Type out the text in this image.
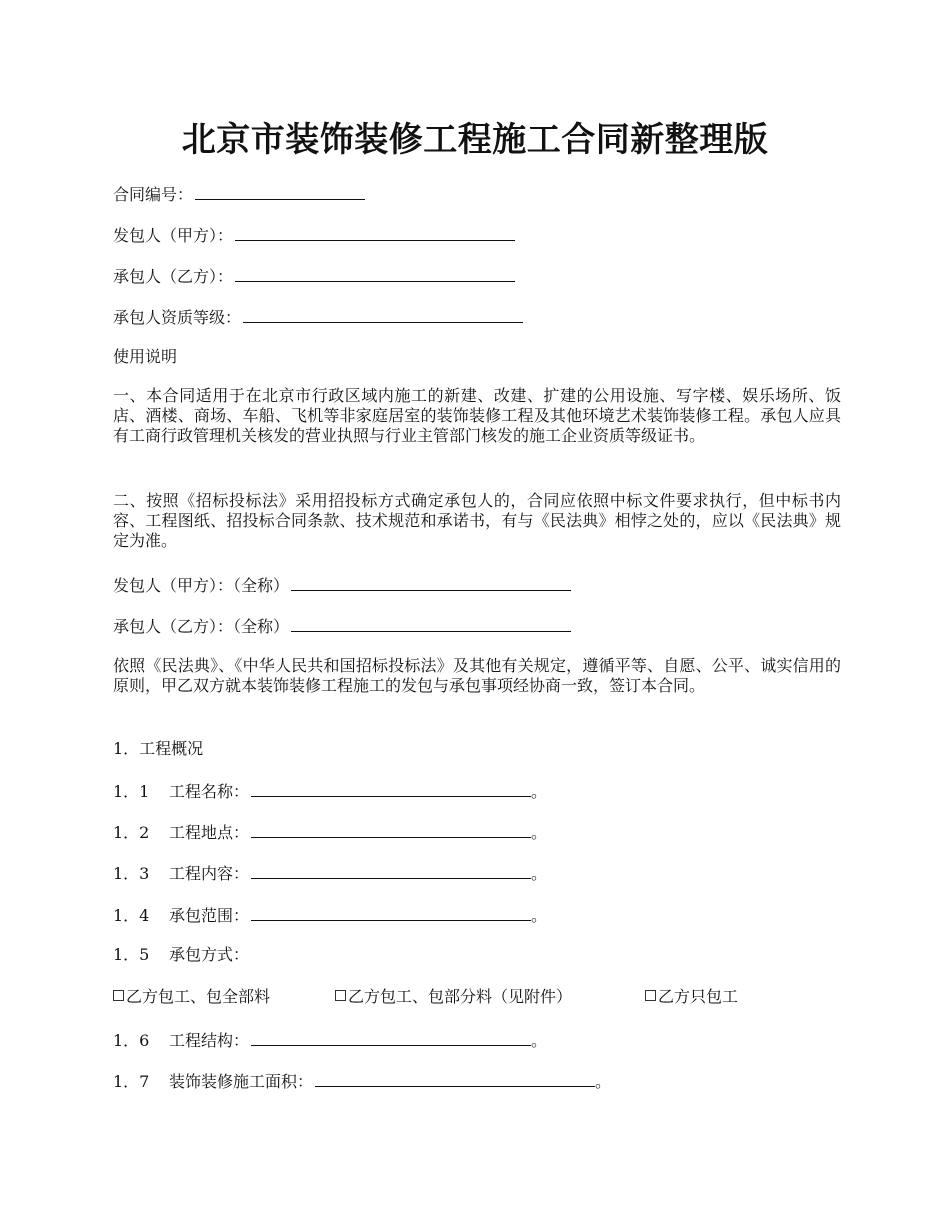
北京市装饰装修工程施工合同新整理版

合同编号：

发包人（甲方）：

承包人（乙方）：

承包人资质等级：

使用说明

一、本合同适用于在北京市行政区域内施工的新建、改建、扩建的公用设施、写字楼、娱乐场所、饭店、酒楼、商场、车船、飞机等非家庭居室的装饰装修工程及其他环境艺术装饰装修工程。承包人应具有工商行政管理机关核发的营业执照与行业主管部门核发的施工企业资质等级证书。

二、按照《招标投标法》采用招投标方式确定承包人的，合同应依照中标文件要求执行，但中标书内容、工程图纸、招投标合同条款、技术规范和承诺书，有与《民法典》相悖之处的，应以《民法典》规定为准。

发包人（甲方）：（全称）

承包人（乙方）：（全称）

依照《民法典》、《中华人民共和国招标投标法》及其他有关规定，遵循平等、自愿、公平、诚实信用的原则，甲乙双方就本装饰装修工程施工的发包与承包事项经协商一致，签订本合同。

1．工程概况

1．1 工程名称：	。

1．2 工程地点：	。

1．3 工程内容：	。

1．4 承包范围：	。

1．5 承包方式：

乙方包工、包全部料	乙方包工、包部分料（见附件）	乙方只包工

1．6 工程结构：	。

1．7 装饰装修施工面积：	。
